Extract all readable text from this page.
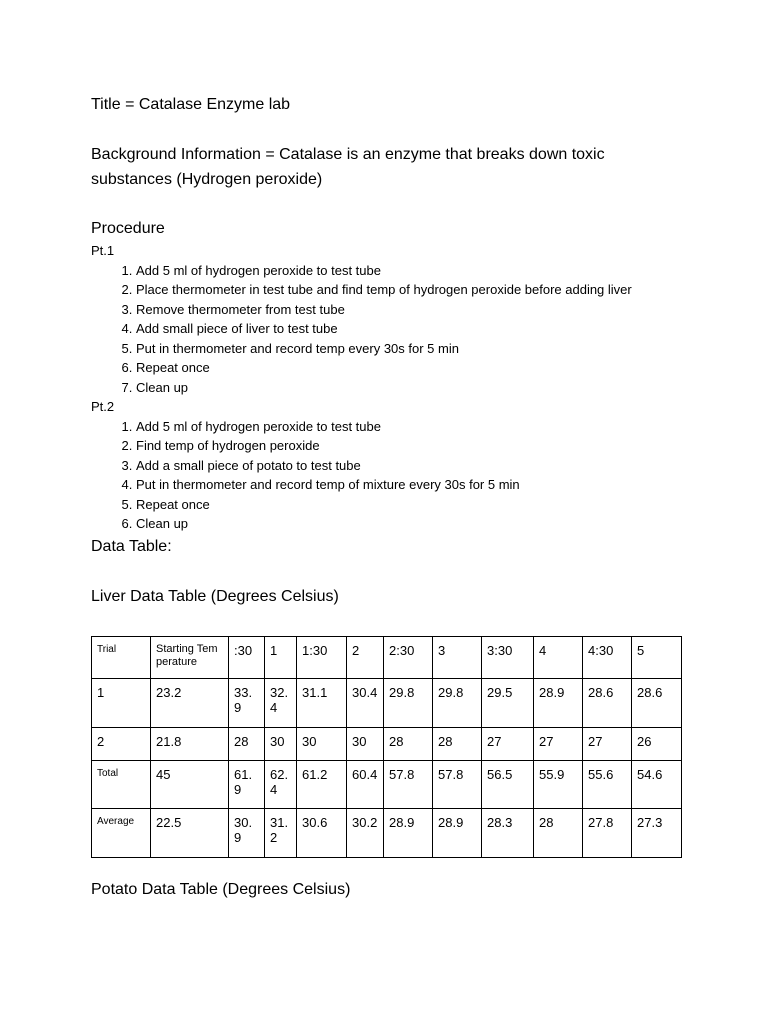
Title = Catalase Enzyme lab

Background Information = Catalase is an enzyme that breaks down toxic substances (Hydrogen peroxide)

Procedure

Pt.1

1. Add 5 ml of hydrogen peroxide to test tube
2. Place thermometer in test tube and find temp of hydrogen peroxide before adding liver
3. Remove thermometer from test tube
4. Add small piece of liver to test tube
5. Put in thermometer and record temp every 30s for 5 min
6. Repeat once
7. Clean up

Pt.2

1. Add 5 ml of hydrogen peroxide to test tube
2. Find temp of hydrogen peroxide
3. Add a small piece of potato to test tube
4. Put in thermometer and record temp of mixture every 30s for 5 min
5. Repeat once
6. Clean up

Data Table:

Liver Data Table (Degrees Celsius)

Trial	Starting Temperature	:30	1	1:30	2	2:30	3	3:30	4	4:30	5
1	23.2	33.9	32.4	31.1	30.4	29.8	29.8	29.5	28.9	28.6	28.6
2	21.8	28	30	30	30	28	28	27	27	27	26
Total	45	61.9	62.4	61.2	60.4	57.8	57.8	56.5	55.9	55.6	54.6
Average	22.5	30.9	31.2	30.6	30.2	28.9	28.9	28.3	28	27.8	27.3

Potato Data Table (Degrees Celsius)
